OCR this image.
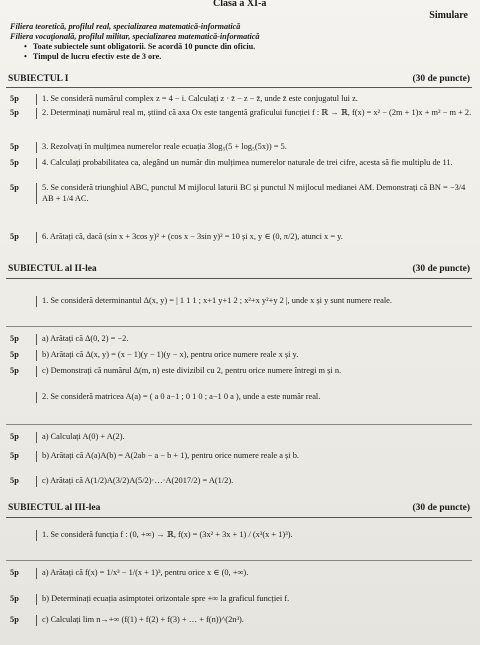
Clasa a XI-a
Simulare
Filiera teoretică, profilul real, specializarea matematică-informatică
Filiera vocaţională, profilul militar, specializarea matematică-informatică
• Toate subiectele sunt obligatorii. Se acordă 10 puncte din oficiu.
• Timpul de lucru efectiv este de 3 ore.
SUBIECTUL I	(30 de puncte)
5p	1. Se consideră numărul complex z = 4 − i. Calculați z · z̄ − z − z̄, unde z̄ este conjugatul lui z.
5p	2. Determinați numărul real m, știind că axa Ox este tangentă graficului funcției f : ℝ → ℝ, f(x) = x² − (2m + 1)x + m² − m + 2.
5p	3. Rezolvați în mulțimea numerelor reale ecuația 3log₅(5 + log₅(5x)) = 5.
5p	4. Calculați probabilitatea ca, alegând un număr din mulțimea numerelor naturale de trei cifre, acesta să fie multiplu de 11.
5p	5. Se consideră triunghiul ABC, punctul M mijlocul laturii BC și punctul N mijlocul medianei AM. Demonstrați că BN = −3/4 AB + 1/4 AC.
5p	6. Arătați că, dacă (sin x + 3cos y)² + (cos x − 3sin y)² = 10 și x, y ∈ (0, π/2), atunci x = y.
SUBIECTUL al II-lea	(30 de puncte)
1. Se consideră determinantul Δ(x, y) = | 1 1 1 ; x+1 y+1 2 ; x²+x y²+y 2 |, unde x și y sunt numere reale.
5p	a) Arătați că Δ(0, 2) = −2.
5p	b) Arătați că Δ(x, y) = (x − 1)(y − 1)(y − x), pentru orice numere reale x și y.
5p	c) Demonstrați că numărul Δ(m, n) este divizibil cu 2, pentru orice numere întregi m și n.
2. Se consideră matricea A(a) = ( a 0 a−1 ; 0 1 0 ; a−1 0 a ), unde a este număr real.
5p	a) Calculați A(0) + A(2).
5p	b) Arătați că A(a)A(b) = A(2ab − a − b + 1), pentru orice numere reale a și b.
5p	c) Arătați că A(1/2)A(3/2)A(5/2)·…·A(2017/2) = A(1/2).
SUBIECTUL al III-lea	(30 de puncte)
1. Se consideră funcția f : (0, +∞) → ℝ, f(x) = (3x² + 3x + 1) / (x³(x + 1)³).
5p	a) Arătați că f(x) = 1/x³ − 1/(x + 1)³, pentru orice x ∈ (0, +∞).
5p	b) Determinați ecuația asimptotei orizontale spre +∞ la graficul funcției f.
5p	c) Calculați lim n→+∞ (f(1) + f(2) + f(3) + … + f(n))^(2n³).
